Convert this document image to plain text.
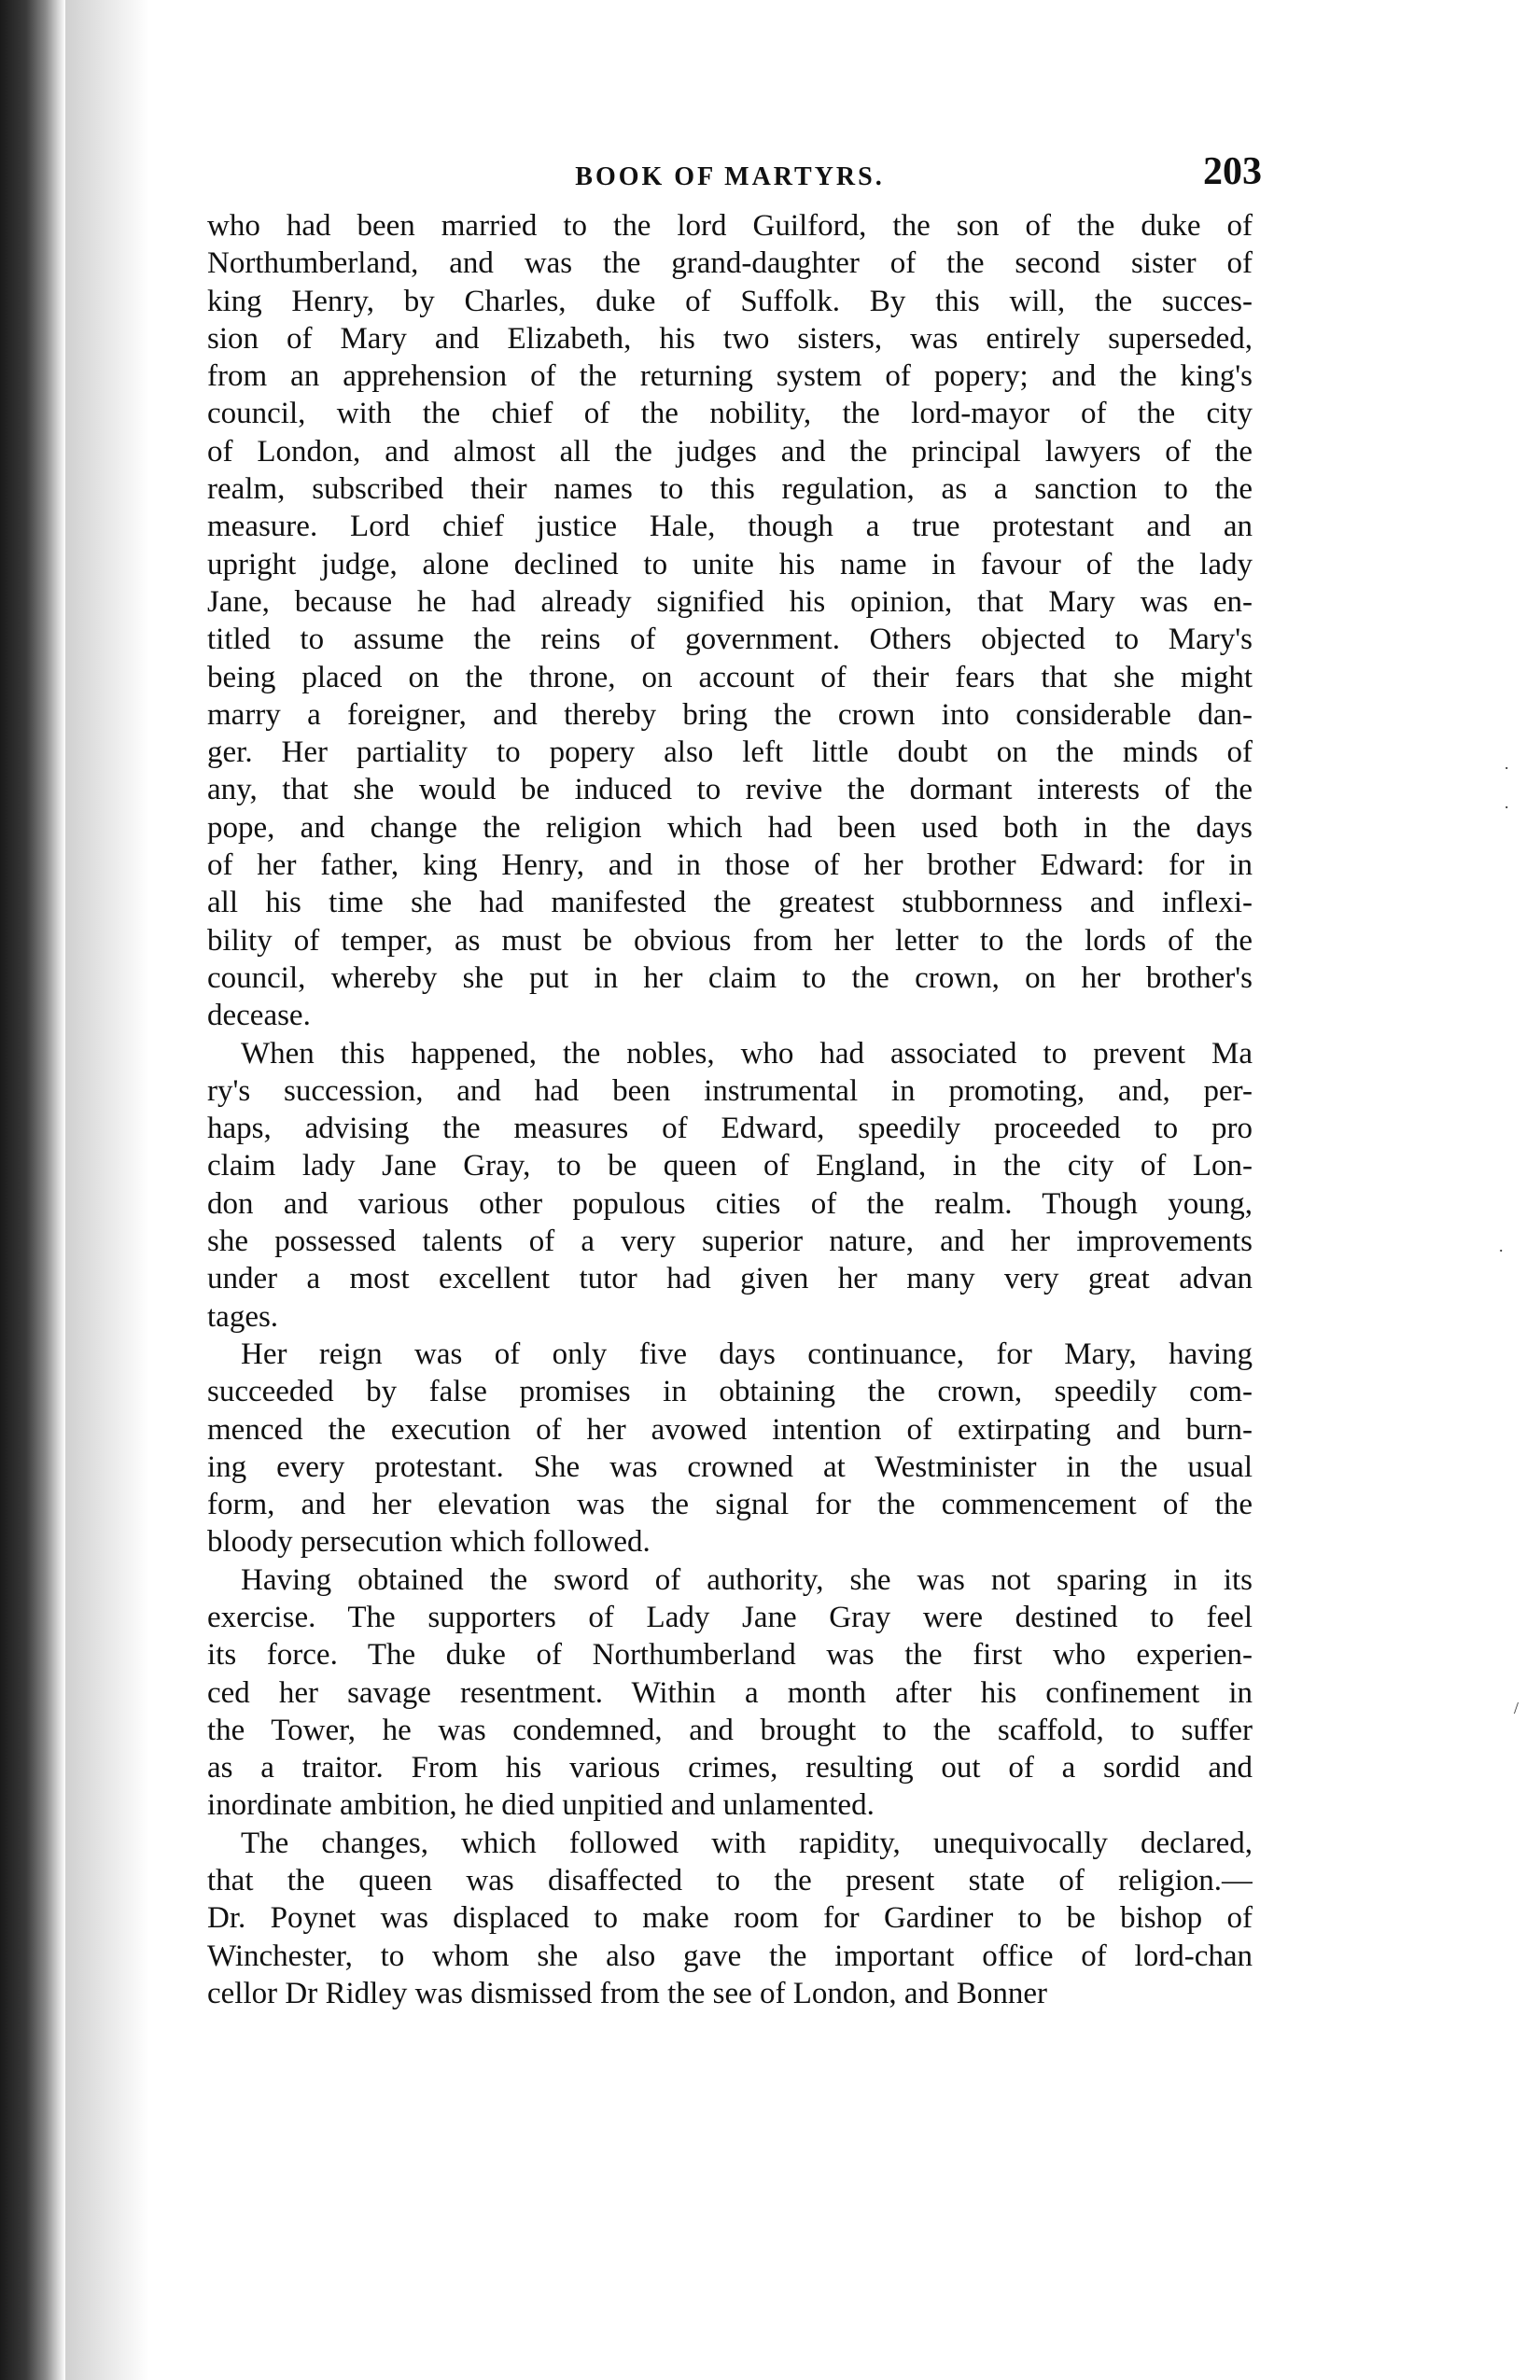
BOOK OF MARTYRS.	203
who had been married to the lord Guilford, the son of the duke of
Northumberland, and was the grand-daughter of the second sister of
king Henry, by Charles, duke of Suffolk. By this will, the succes-
sion of Mary and Elizabeth, his two sisters, was entirely superseded,
from an apprehension of the returning system of popery; and the king's
council, with the chief of the nobility, the lord-mayor of the city
of London, and almost all the judges and the principal lawyers of the
realm, subscribed their names to this regulation, as a sanction to the
measure. Lord chief justice Hale, though a true protestant and an
upright judge, alone declined to unite his name in favour of the lady
Jane, because he had already signified his opinion, that Mary was en-
titled to assume the reins of government. Others objected to Mary's
being placed on the throne, on account of their fears that she might
marry a foreigner, and thereby bring the crown into considerable dan-
ger. Her partiality to popery also left little doubt on the minds of
any, that she would be induced to revive the dormant interests of the
pope, and change the religion which had been used both in the days
of her father, king Henry, and in those of her brother Edward: for in
all his time she had manifested the greatest stubbornness and inflexi-
bility of temper, as must be obvious from her letter to the lords of the
council, whereby she put in her claim to the crown, on her brother's
decease.
When this happened, the nobles, who had associated to prevent Ma
ry's succession, and had been instrumental in promoting, and, per-
haps, advising the measures of Edward, speedily proceeded to pro
claim lady Jane Gray, to be queen of England, in the city of Lon-
don and various other populous cities of the realm. Though young,
she possessed talents of a very superior nature, and her improvements
under a most excellent tutor had given her many very great advan
tages.
Her reign was of only five days continuance, for Mary, having
succeeded by false promises in obtaining the crown, speedily com-
menced the execution of her avowed intention of extirpating and burn-
ing every protestant. She was crowned at Westminister in the usual
form, and her elevation was the signal for the commencement of the
bloody persecution which followed.
Having obtained the sword of authority, she was not sparing in its
exercise. The supporters of Lady Jane Gray were destined to feel
its force. The duke of Northumberland was the first who experien-
ced her savage resentment. Within a month after his confinement in
the Tower, he was condemned, and brought to the scaffold, to suffer
as a traitor. From his various crimes, resulting out of a sordid and
inordinate ambition, he died unpitied and unlamented.
The changes, which followed with rapidity, unequivocally declared,
that the queen was disaffected to the present state of religion.—
Dr. Poynet was displaced to make room for Gardiner to be bishop of
Winchester, to whom she also gave the important office of lord-chan
cellor Dr Ridley was dismissed from the see of London, and Bonner
.
.
.
/
